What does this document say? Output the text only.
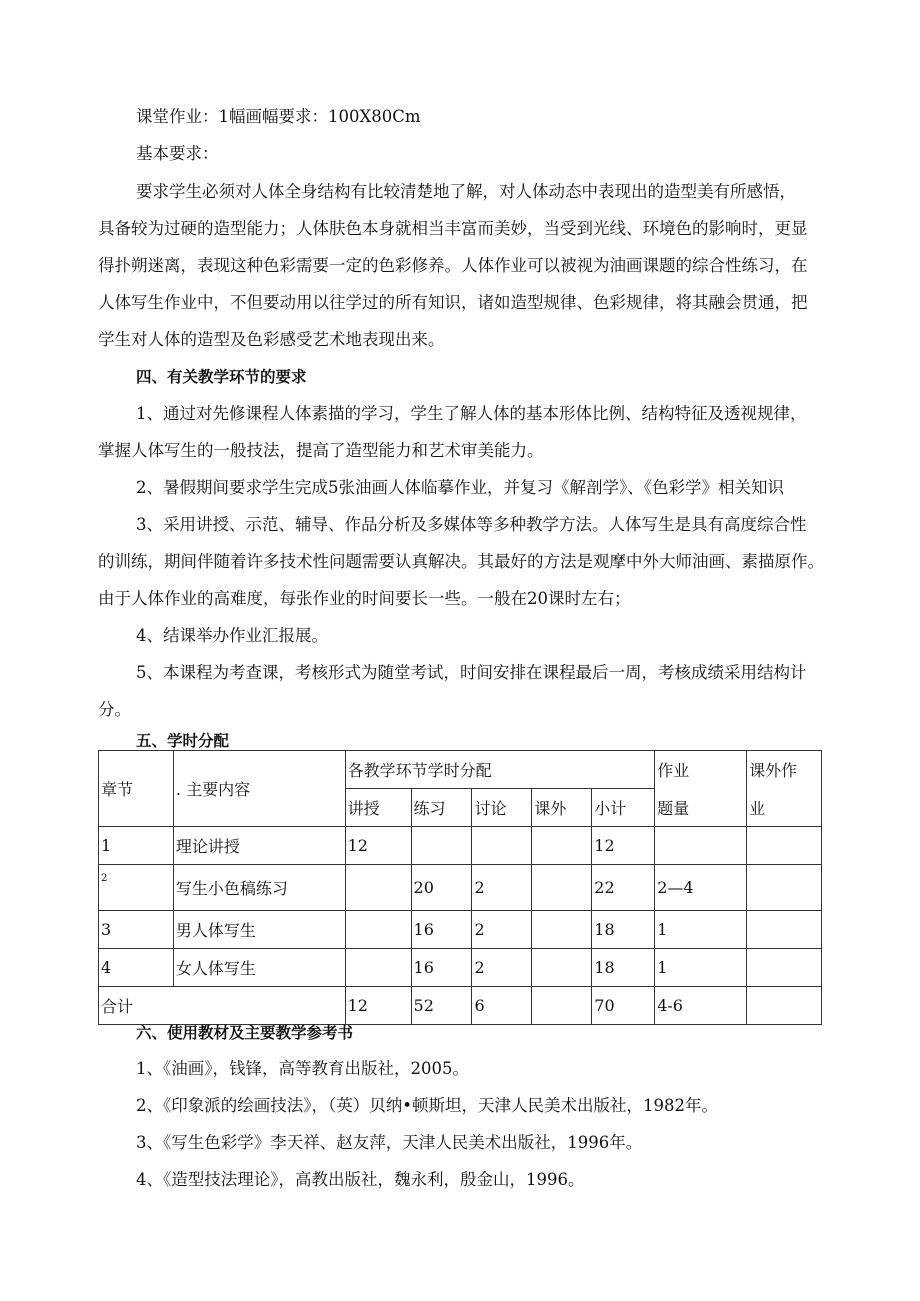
课堂作业：1幅画幅要求：100X80Cm
基本要求：
要求学生必须对人体全身结构有比较清楚地了解，对人体动态中表现出的造型美有所感悟，
具备较为过硬的造型能力；人体肤色本身就相当丰富而美妙，当受到光线、环境色的影响时，更显
得扑朔迷离，表现这种色彩需要一定的色彩修养。人体作业可以被视为油画课题的综合性练习，在
人体写生作业中，不但要动用以往学过的所有知识，诸如造型规律、色彩规律，将其融会贯通，把
学生对人体的造型及色彩感受艺术地表现出来。
四、有关教学环节的要求
1、通过对先修课程人体素描的学习，学生了解人体的基本形体比例、结构特征及透视规律，
掌握人体写生的一般技法，提高了造型能力和艺术审美能力。
2、暑假期间要求学生完成5张油画人体临摹作业，并复习《解剖学》、《色彩学》相关知识
3、采用讲授、示范、辅导、作品分析及多媒体等多种教学方法。人体写生是具有高度综合性
的训练，期间伴随着许多技术性问题需要认真解决。其最好的方法是观摩中外大师油画、素描原作。
由于人体作业的高难度，每张作业的时间要长一些。一般在20课时左右；
4、结课举办作业汇报展。
5、本课程为考查课，考核形式为随堂考试，时间安排在课程最后一周，考核成绩采用结构计
分。
五、学时分配
章节	. 主要内容	各教学环节学时分配					作业	课外作
		讲授	练习	讨论	课外	小计	题量	业
1	理论讲授	12				12		
2	写生小色稿练习		20	2		22	2—4	
3	男人体写生		16	2		18	1	
4	女人体写生		16	2		18	1	
合计		12	52	6		70	4-6	
六、使用教材及主要教学参考书
1、《油画》，钱锋，高等教育出版社，2005。
2、《印象派的绘画技法》，（英）贝纳•顿斯坦，天津人民美术出版社，1982年。
3、《写生色彩学》李天祥、赵友萍，天津人民美术出版社，1996年。
4、《造型技法理论》，高教出版社，魏永利，殷金山，1996。
